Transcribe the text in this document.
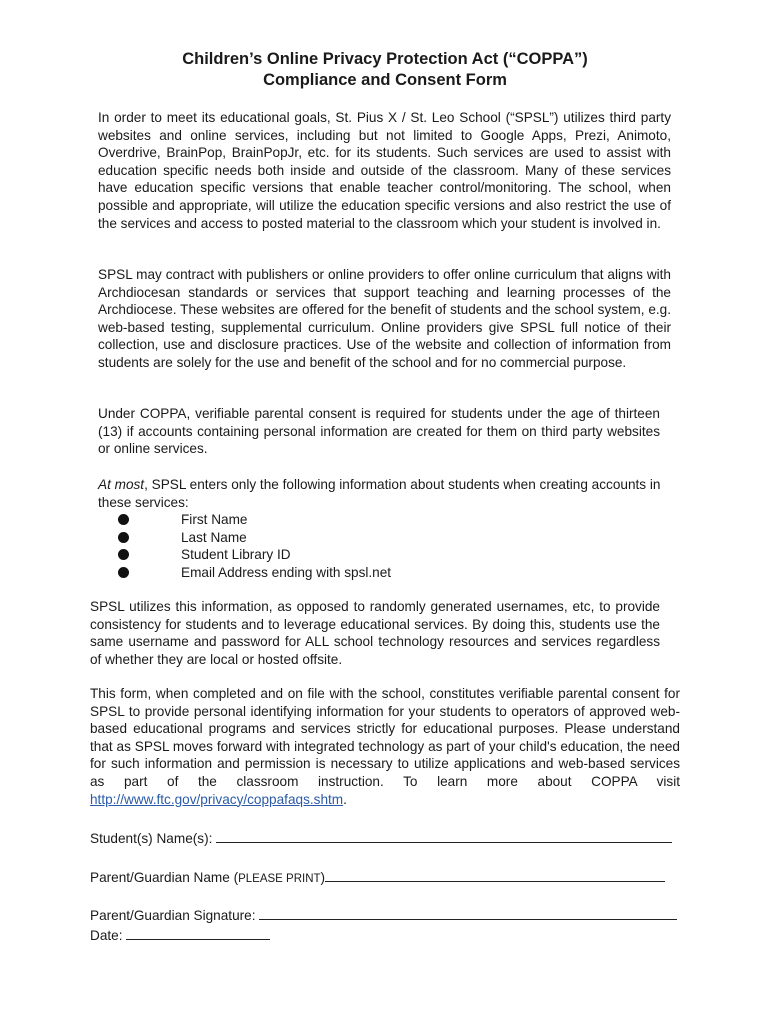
Children’s Online Privacy Protection Act (“COPPA”)
Compliance and Consent Form

In order to meet its educational goals, St. Pius X / St. Leo School (“SPSL”) utilizes third party websites and online services, including but not limited to Google Apps, Prezi, Animoto, Overdrive, BrainPop, BrainPopJr, etc. for its students. Such services are used to assist with education specific needs both inside and outside of the classroom. Many of these services have education specific versions that enable teacher control/monitoring. The school, when possible and appropriate, will utilize the education specific versions and also restrict the use of the services and access to posted material to the classroom which your student is involved in.

SPSL may contract with publishers or online providers to offer online curriculum that aligns with Archdiocesan standards or services that support teaching and learning processes of the Archdiocese. These websites are offered for the benefit of students and the school system, e.g. web-based testing, supplemental curriculum. Online providers give SPSL full notice of their collection, use and disclosure practices. Use of the website and collection of information from students are solely for the use and benefit of the school and for no commercial purpose.

Under COPPA, verifiable parental consent is required for students under the age of thirteen (13) if accounts containing personal information are created for them on third party websites or online services.

At most, SPSL enters only the following information about students when creating accounts in these services:

First Name
Last Name
Student Library ID
Email Address ending with spsl.net

SPSL utilizes this information, as opposed to randomly generated usernames, etc, to provide consistency for students and to leverage educational services. By doing this, students use the same username and password for ALL school technology resources and services regardless of whether they are local or hosted offsite.

This form, when completed and on file with the school, constitutes verifiable parental consent for SPSL to provide personal identifying information for your students to operators of approved web-based educational programs and services strictly for educational purposes. Please understand that as SPSL moves forward with integrated technology as part of your child's education, the need for such information and permission is necessary to utilize applications and web-based services as part of the classroom instruction. To learn more about COPPA visit http://www.ftc.gov/privacy/coppafaqs.shtm.

Student(s) Name(s):
Parent/Guardian Name (PLEASE PRINT)
Parent/Guardian Signature:
Date:
